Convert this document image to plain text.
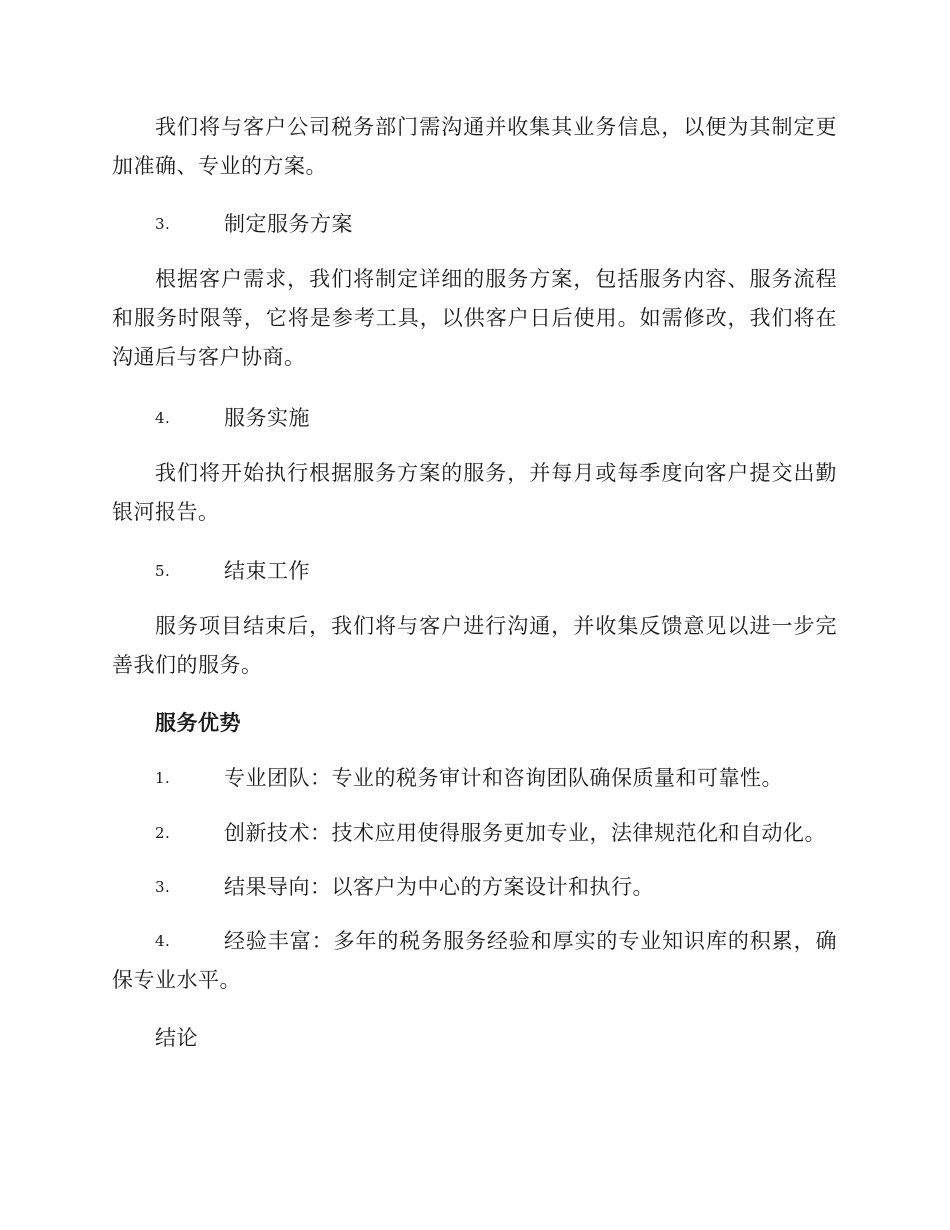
我们将与客户公司税务部门需沟通并收集其业务信息，以便为其制定更加准确、专业的方案。
3.	制定服务方案
根据客户需求，我们将制定详细的服务方案，包括服务内容、服务流程和服务时限等，它将是参考工具，以供客户日后使用。如需修改，我们将在沟通后与客户协商。
4.	服务实施
我们将开始执行根据服务方案的服务，并每月或每季度向客户提交出勤银河报告。
5.	结束工作
服务项目结束后，我们将与客户进行沟通，并收集反馈意见以进一步完善我们的服务。
服务优势
1.	专业团队：专业的税务审计和咨询团队确保质量和可靠性。
2.	创新技术：技术应用使得服务更加专业，法律规范化和自动化。
3.	结果导向：以客户为中心的方案设计和执行。
4.	经验丰富：多年的税务服务经验和厚实的专业知识库的积累，确保专业水平。
结论
